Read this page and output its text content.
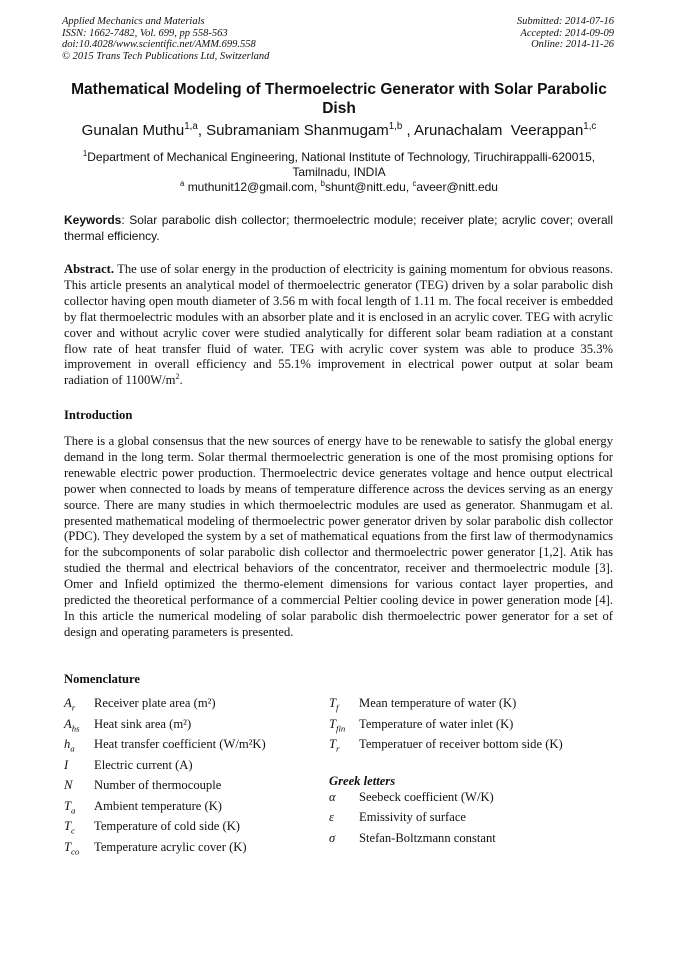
Applied Mechanics and Materials
ISSN: 1662-7482, Vol. 699, pp 558-563
doi:10.4028/www.scientific.net/AMM.699.558
© 2015 Trans Tech Publications Ltd, Switzerland
Submitted: 2014-07-16
Accepted: 2014-09-09
Online: 2014-11-26
Mathematical Modeling of Thermoelectric Generator with Solar Parabolic Dish
Gunalan Muthu$^{1,a}$, Subramaniam Shanmugam$^{1,b}$ , Arunachalam  Veerappan$^{1,c}$
$^1$Department of Mechanical Engineering, National Institute of Technology, Tiruchirappalli-620015,
Tamilnadu, INDIA
$^a$ muthunit12@gmail.com, $^b$shunt@nitt.edu, $^c$aveer@nitt.edu
Keywords: Solar parabolic dish collector; thermoelectric module; receiver plate; acrylic cover; overall thermal efficiency.
Abstract. The use of solar energy in the production of electricity is gaining momentum for obvious reasons. This article presents an analytical model of thermoelectric generator (TEG) driven by a solar parabolic dish collector having open mouth diameter of 3.56 m with focal length of 1.11 m. The focal receiver is embedded by flat thermoelectric modules with an absorber plate and it is enclosed in an acrylic cover. TEG with acrylic cover and without acrylic cover were studied analytically for different solar beam radiation at a constant flow rate of heat transfer fluid of water. TEG with acrylic cover system was able to produce 35.3% improvement in overall efficiency and 55.1% improvement in electrical power output at solar beam radiation of $1100W/m^2$.
Introduction
There is a global consensus that the new sources of energy have to be renewable to satisfy the global energy demand in the long term. Solar thermal thermoelectric generation is one of the most promising options for renewable electric power production. Thermoelectric device generates voltage and hence output electrical power when connected to loads by means of temperature difference across the devices serving as an energy source. There are many studies in which thermoelectric modules are used as generator. Shanmugam et al. presented mathematical modeling of thermoelectric power generator driven by solar parabolic dish collector (PDC). They developed the system by a set of mathematical equations from the first law of thermodynamics for the subcomponents of solar parabolic dish collector and thermoelectric power generator [1,2]. Atik has studied the thermal and electrical behaviors of the concentrator, receiver and thermoelectric module [3]. Omer and Infield optimized the thermo-element dimensions for various contact layer properties, and predicted the theoretical performance of a commercial Peltier cooling device in power generation mode [4]. In this article the numerical modeling of solar parabolic dish thermoelectric power generator for a set of design and operating parameters is presented.
Nomenclature
$A_r$	Receiver plate area (m²)
$A_{hs}$	Heat sink area (m²)
$h_a$	Heat transfer coefficient (W/m²K)
I	Electric current (A)
N	Number of thermocouple
$T_a$	Ambient temperature (K)
$T_c$	Temperature of cold side (K)
$T_{co}$	Temperature acrylic cover (K)
$T_f$	Mean temperature of water (K)
$T_{fin}$	Temperature of water inlet (K)
$T_r$	Temperatuer of receiver bottom side (K)
Greek letters
α	Seebeck coefficient (W/K)
ε	Emissivity of surface
σ	Stefan-Boltzmann constant
